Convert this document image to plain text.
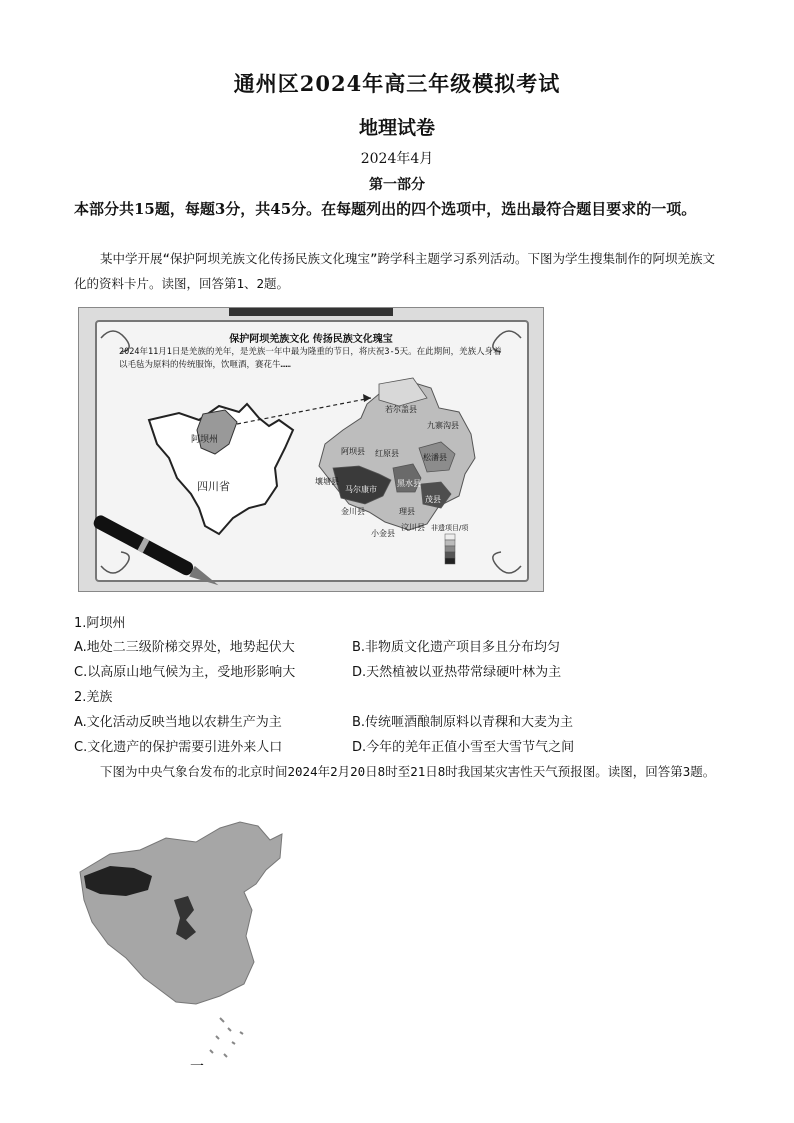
通州区2024年高三年级模拟考试
地理试卷
2024年4月
第一部分
本部分共15题，每题3分，共45分。在每题列出的四个选项中，选出最符合题目要求的一项。
某中学开展“保护阿坝羌族文化传扬民族文化瑰宝”跨学科主题学习系列活动。下图为学生搜集制作的阿坝羌族文化的资料卡片。读图，回答第1、2题。
保护阿坝羌族文化 传扬民族文化瑰宝
2024年11月1日是羌族的羌年，是羌族一年中最为隆重的节日，将庆祝3-5天。在此期间，羌族人身着以毛毡为原料的传统服饰，饮咂酒，赛花牛……
阿坝州
四川省
非遗项目/项
若尔盖县
九寨沟县
阿坝县 红原县	松潘县
壤塘县
马尔康市
黑水县
茂县
金川县	理县
汶川县
小金县
1.阿坝州
A.地处二三级阶梯交界处，地势起伏大	B.非物质文化遗产项目多且分布均匀
C.以高原山地气候为主，受地形影响大	D.天然植被以亚热带常绿硬叶林为主
2.羌族
A.文化活动反映当地以农耕生产为主	B.传统咂酒酿制原料以青稞和大麦为主
C.文化遗产的保护需要引进外来人口	D.今年的羌年正值小雪至大雪节气之间
下图为中央气象台发布的北京时间2024年2月20日8时至21日8时我国某灾害性天气预报图。读图，回答第3题。
一
